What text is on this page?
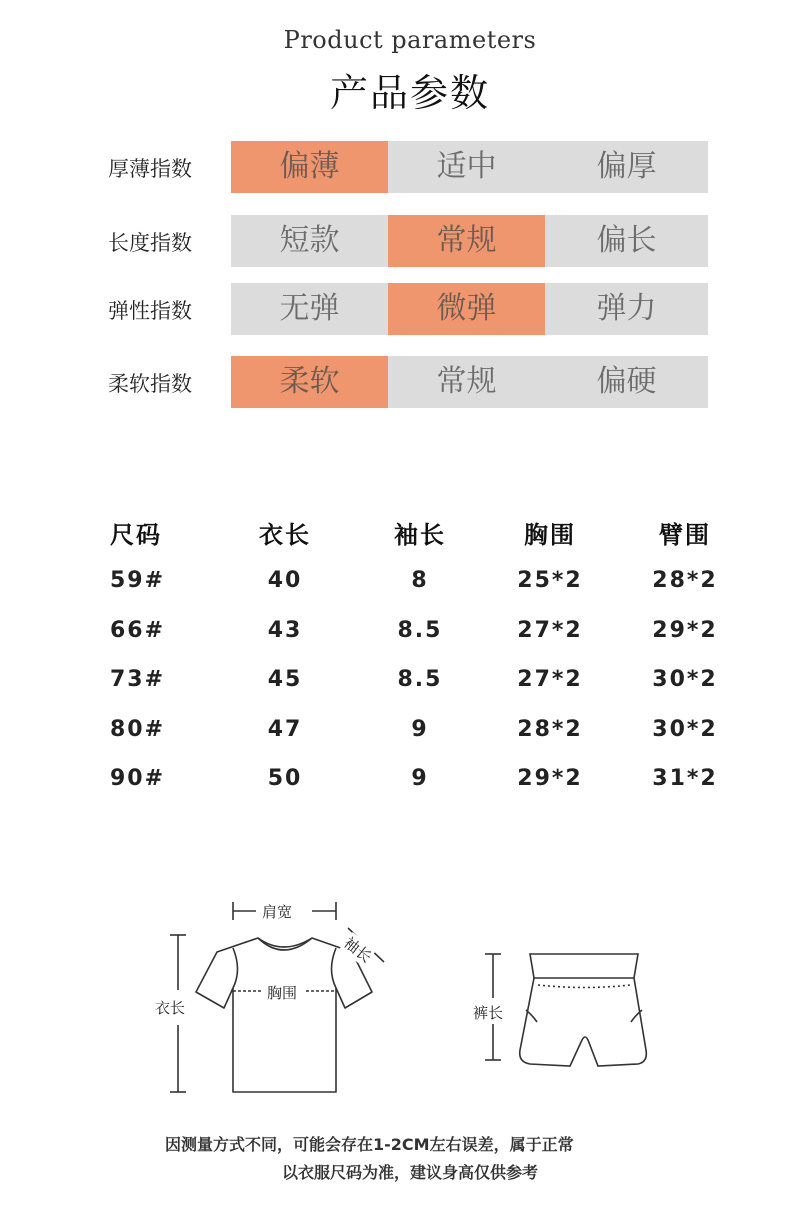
Product parameters
产品参数
厚薄指数	偏薄	适中	偏厚
长度指数	短款	常规	偏长
弹性指数	无弹	微弹	弹力
柔软指数	柔软	常规	偏硬
尺码	衣长	袖长	胸围	臂围
59#	40	8	25*2	28*2
66#	43	8.5	27*2	29*2
73#	45	8.5	27*2	30*2
80#	47	9	28*2	30*2
90#	50	9	29*2	31*2
肩宽
袖长
胸围
衣长	裤长
因测量方式不同，可能会存在1-2CM左右误差，属于正常
以衣服尺码为准，建议身高仅供参考
